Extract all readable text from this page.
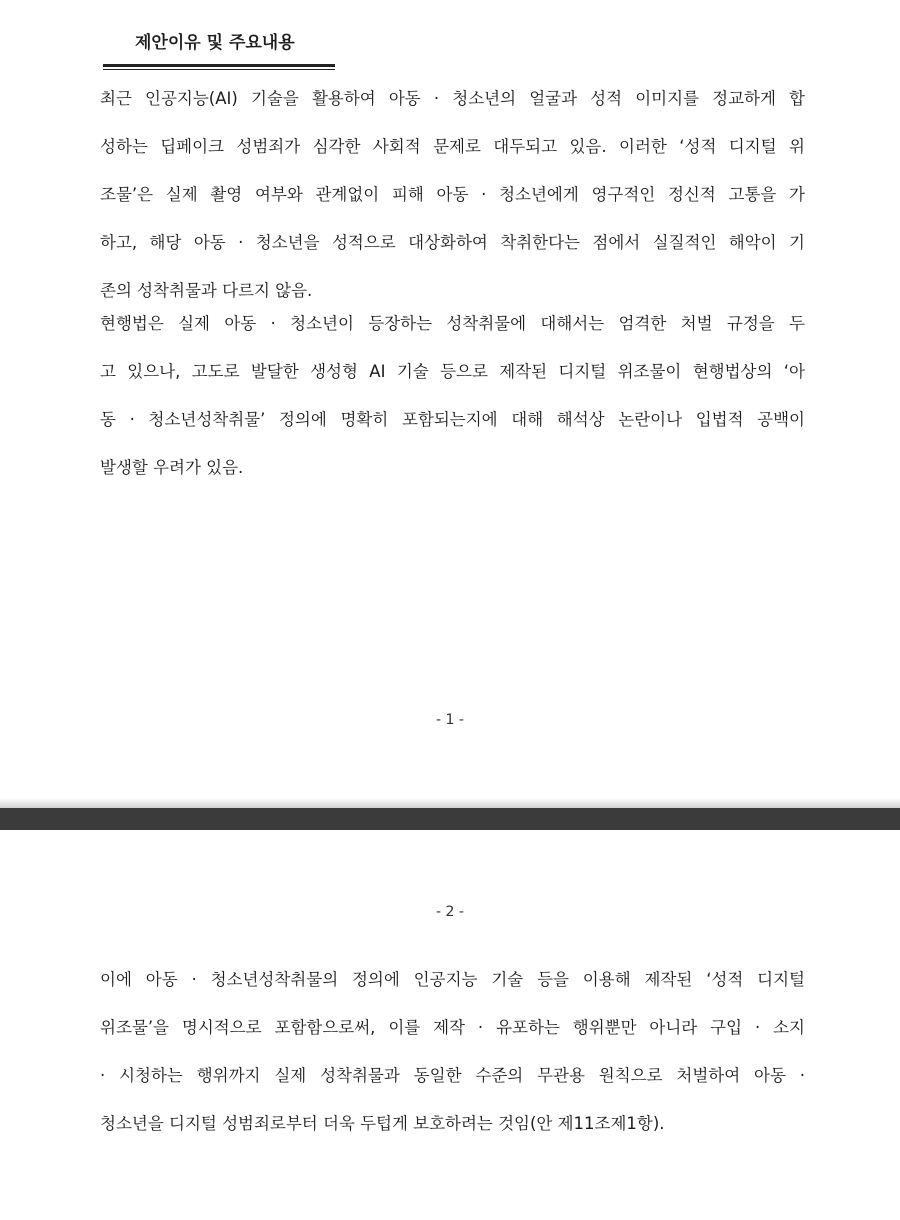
제안이유 및 주요내용

최근 인공지능(AI) 기술을 활용하여 아동 · 청소년의 얼굴과 성적 이미지를 정교하게 합
성하는 딥페이크 성범죄가 심각한 사회적 문제로 대두되고 있음. 이러한 ‘성적 디지털 위
조물’은 실제 촬영 여부와 관계없이 피해 아동 · 청소년에게 영구적인 정신적 고통을 가
하고, 해당 아동 · 청소년을 성적으로 대상화하여 착취한다는 점에서 실질적인 해악이 기
존의 성착취물과 다르지 않음.

현행법은 실제 아동 · 청소년이 등장하는 성착취물에 대해서는 엄격한 처벌 규정을 두
고 있으나, 고도로 발달한 생성형 AI 기술 등으로 제작된 디지털 위조물이 현행법상의 ‘아
동 · 청소년성착취물’ 정의에 명확히 포함되는지에 대해 해석상 논란이나 입법적 공백이
발생할 우려가 있음.

- 1 -
- 2 -

이에 아동 · 청소년성착취물의 정의에 인공지능 기술 등을 이용해 제작된 ‘성적 디지털
위조물’을 명시적으로 포함함으로써, 이를 제작 · 유포하는 행위뿐만 아니라 구입 · 소지
· 시청하는 행위까지 실제 성착취물과 동일한 수준의 무관용 원칙으로 처벌하여 아동 ·
청소년을 디지털 성범죄로부터 더욱 두텁게 보호하려는 것임(안 제11조제1항).
